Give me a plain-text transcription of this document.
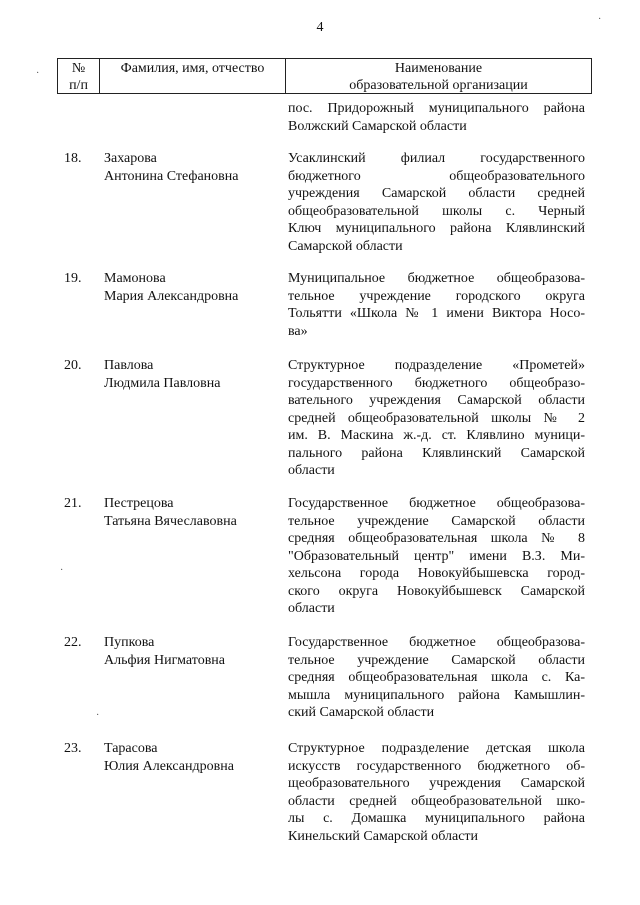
4
·
·
·
·
№
п/п
Фамилия, имя, отчество	Наименование
образовательной организации
пос. Придорожный муниципального района
Волжский Самарской области
18. Захарова
Антонина Стефановна
Усаклинский филиал государственного
бюджетного общеобразовательного
учреждения Самарской области средней
общеобразовательной школы с. Черный
Ключ муниципального района Клявлинский
Самарской области
19. Мамонова
Мария Александровна
Муниципальное бюджетное общеобразова-
тельное учреждение городского округа
Тольятти «Школа № 1 имени Виктора Носо-
ва»
20. Павлова
Людмила Павловна
Структурное подразделение «Прометей»
государственного бюджетного общеобразо-
вательного учреждения Самарской области
средней общеобразовательной школы № 2
им. В. Маскина ж.-д. ст. Клявлино муници-
пального района Клявлинский Самарской
области
21. Пестрецова
Татьяна Вячеславовна
Государственное бюджетное общеобразова-
тельное учреждение Самарской области
средняя общеобразовательная школа № 8
"Образовательный центр" имени В.З. Ми-
хельсона города Новокуйбышевска город-
ского округа Новокуйбышевск Самарской
области
22. Пупкова
Альфия Нигматовна
Государственное бюджетное общеобразова-
тельное учреждение Самарской области
средняя общеобразовательная школа с. Ка-
мышла муниципального района Камышлин-
ский Самарской области
23. Тарасова
Юлия Александровна
Структурное подразделение детская школа
искусств государственного бюджетного об-
щеобразовательного учреждения Самарской
области средней общеобразовательной шко-
лы с. Домашка муниципального района
Кинельский Самарской области
